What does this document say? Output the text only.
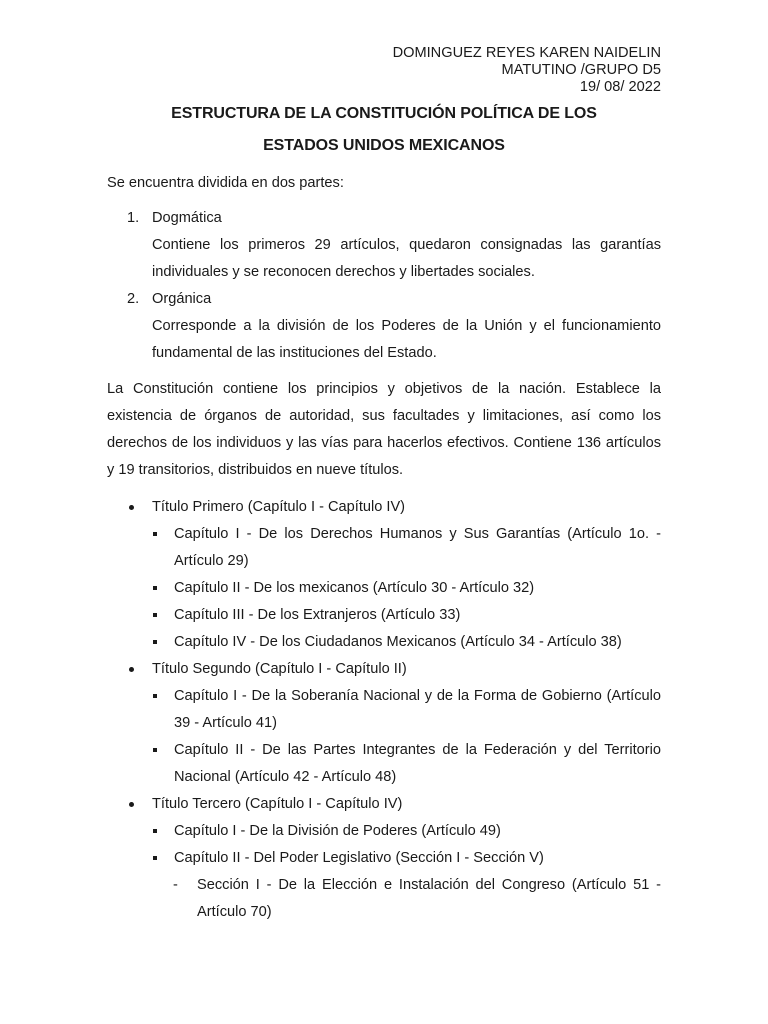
DOMINGUEZ REYES KAREN NAIDELIN
MATUTINO /GRUPO D5
19/ 08/ 2022
ESTRUCTURA DE LA CONSTITUCIÓN POLÍTICA DE LOS
ESTADOS UNIDOS MEXICANOS

Se encuentra dividida en dos partes:

1. Dogmática
Contiene los primeros 29 artículos, quedaron consignadas las garantías individuales y se reconocen derechos y libertades sociales.
2. Orgánica
Corresponde a la división de los Poderes de la Unión y el funcionamiento fundamental de las instituciones del Estado.

La Constitución contiene los principios y objetivos de la nación. Establece la existencia de órganos de autoridad, sus facultades y limitaciones, así como los derechos de los individuos y las vías para hacerlos efectivos. Contiene 136 artículos y 19 transitorios, distribuidos en nueve títulos.

Título Primero (Capítulo I - Capítulo IV)
Capítulo I - De los Derechos Humanos y Sus Garantías (Artículo 1o. - Artículo 29)
Capítulo II - De los mexicanos (Artículo 30 - Artículo 32)
Capítulo III - De los Extranjeros (Artículo 33)
Capítulo IV - De los Ciudadanos Mexicanos (Artículo 34 - Artículo 38)
Título Segundo (Capítulo I - Capítulo II)
Capítulo I - De la Soberanía Nacional y de la Forma de Gobierno (Artículo 39 - Artículo 41)
Capítulo II - De las Partes Integrantes de la Federación y del Territorio Nacional (Artículo 42 - Artículo 48)
Título Tercero (Capítulo I - Capítulo IV)
Capítulo I - De la División de Poderes (Artículo 49)
Capítulo II - Del Poder Legislativo (Sección I - Sección V)
- Sección I - De la Elección e Instalación del Congreso (Artículo 51 - Artículo 70)
